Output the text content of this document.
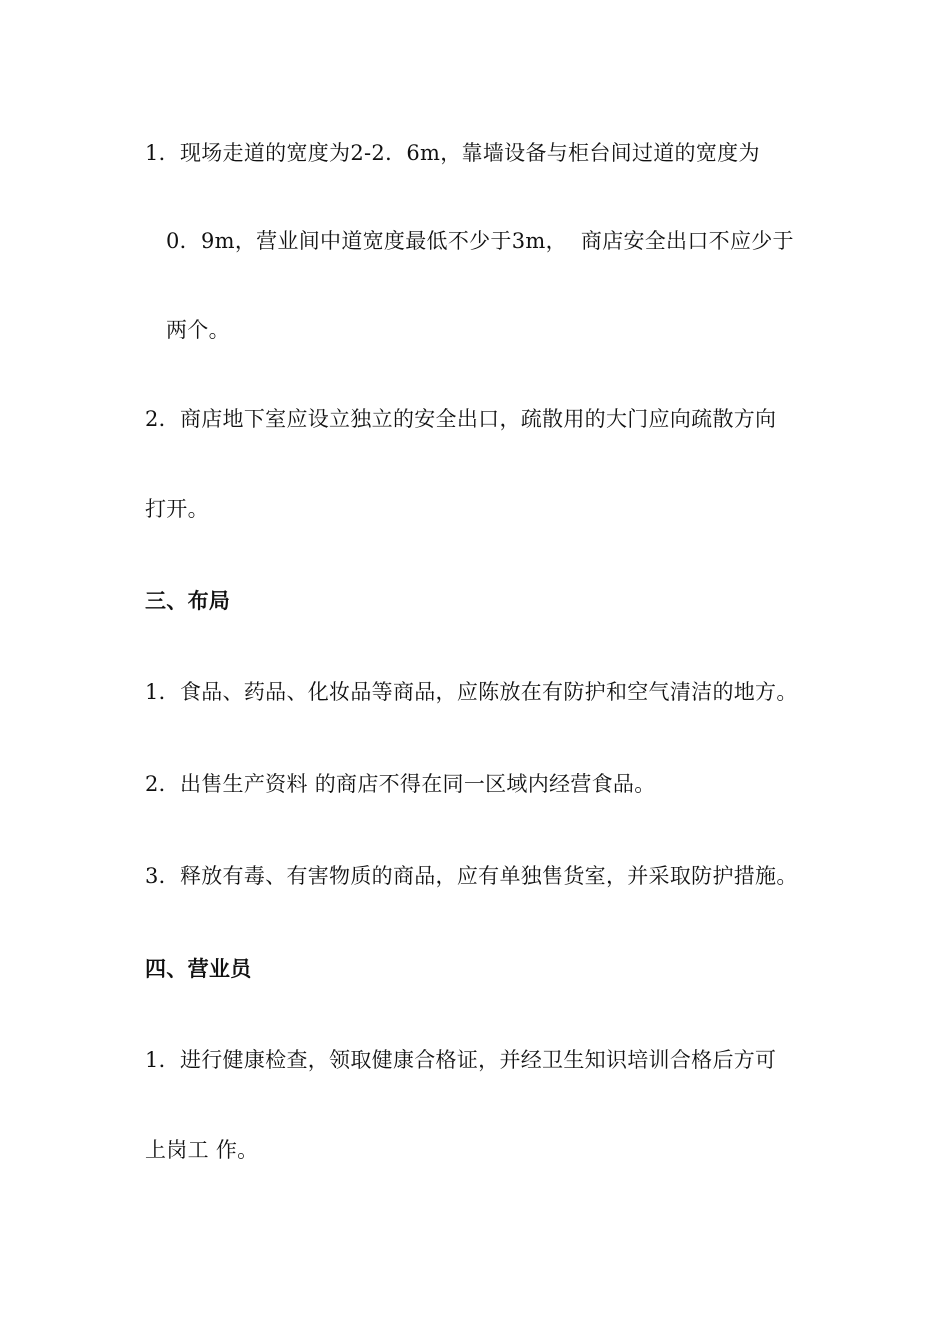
1．现场走道的宽度为2-2．6m，靠墙设备与柜台间过道的宽度为
0．9m，营业间中道宽度最低不少于3m，  商店安全出口不应少于
两个。
2．商店地下室应设立独立的安全出口，疏散用的大门应向疏散方向
打开。
三、布局
1．食品、药品、化妆品等商品，应陈放在有防护和空气清洁的地方。
2．出售生产资料 的商店不得在同一区域内经营食品。
3．释放有毒、有害物质的商品，应有单独售货室，并采取防护措施。
四、营业员
1．进行健康检查，领取健康合格证，并经卫生知识培训合格后方可
上岗工 作。
